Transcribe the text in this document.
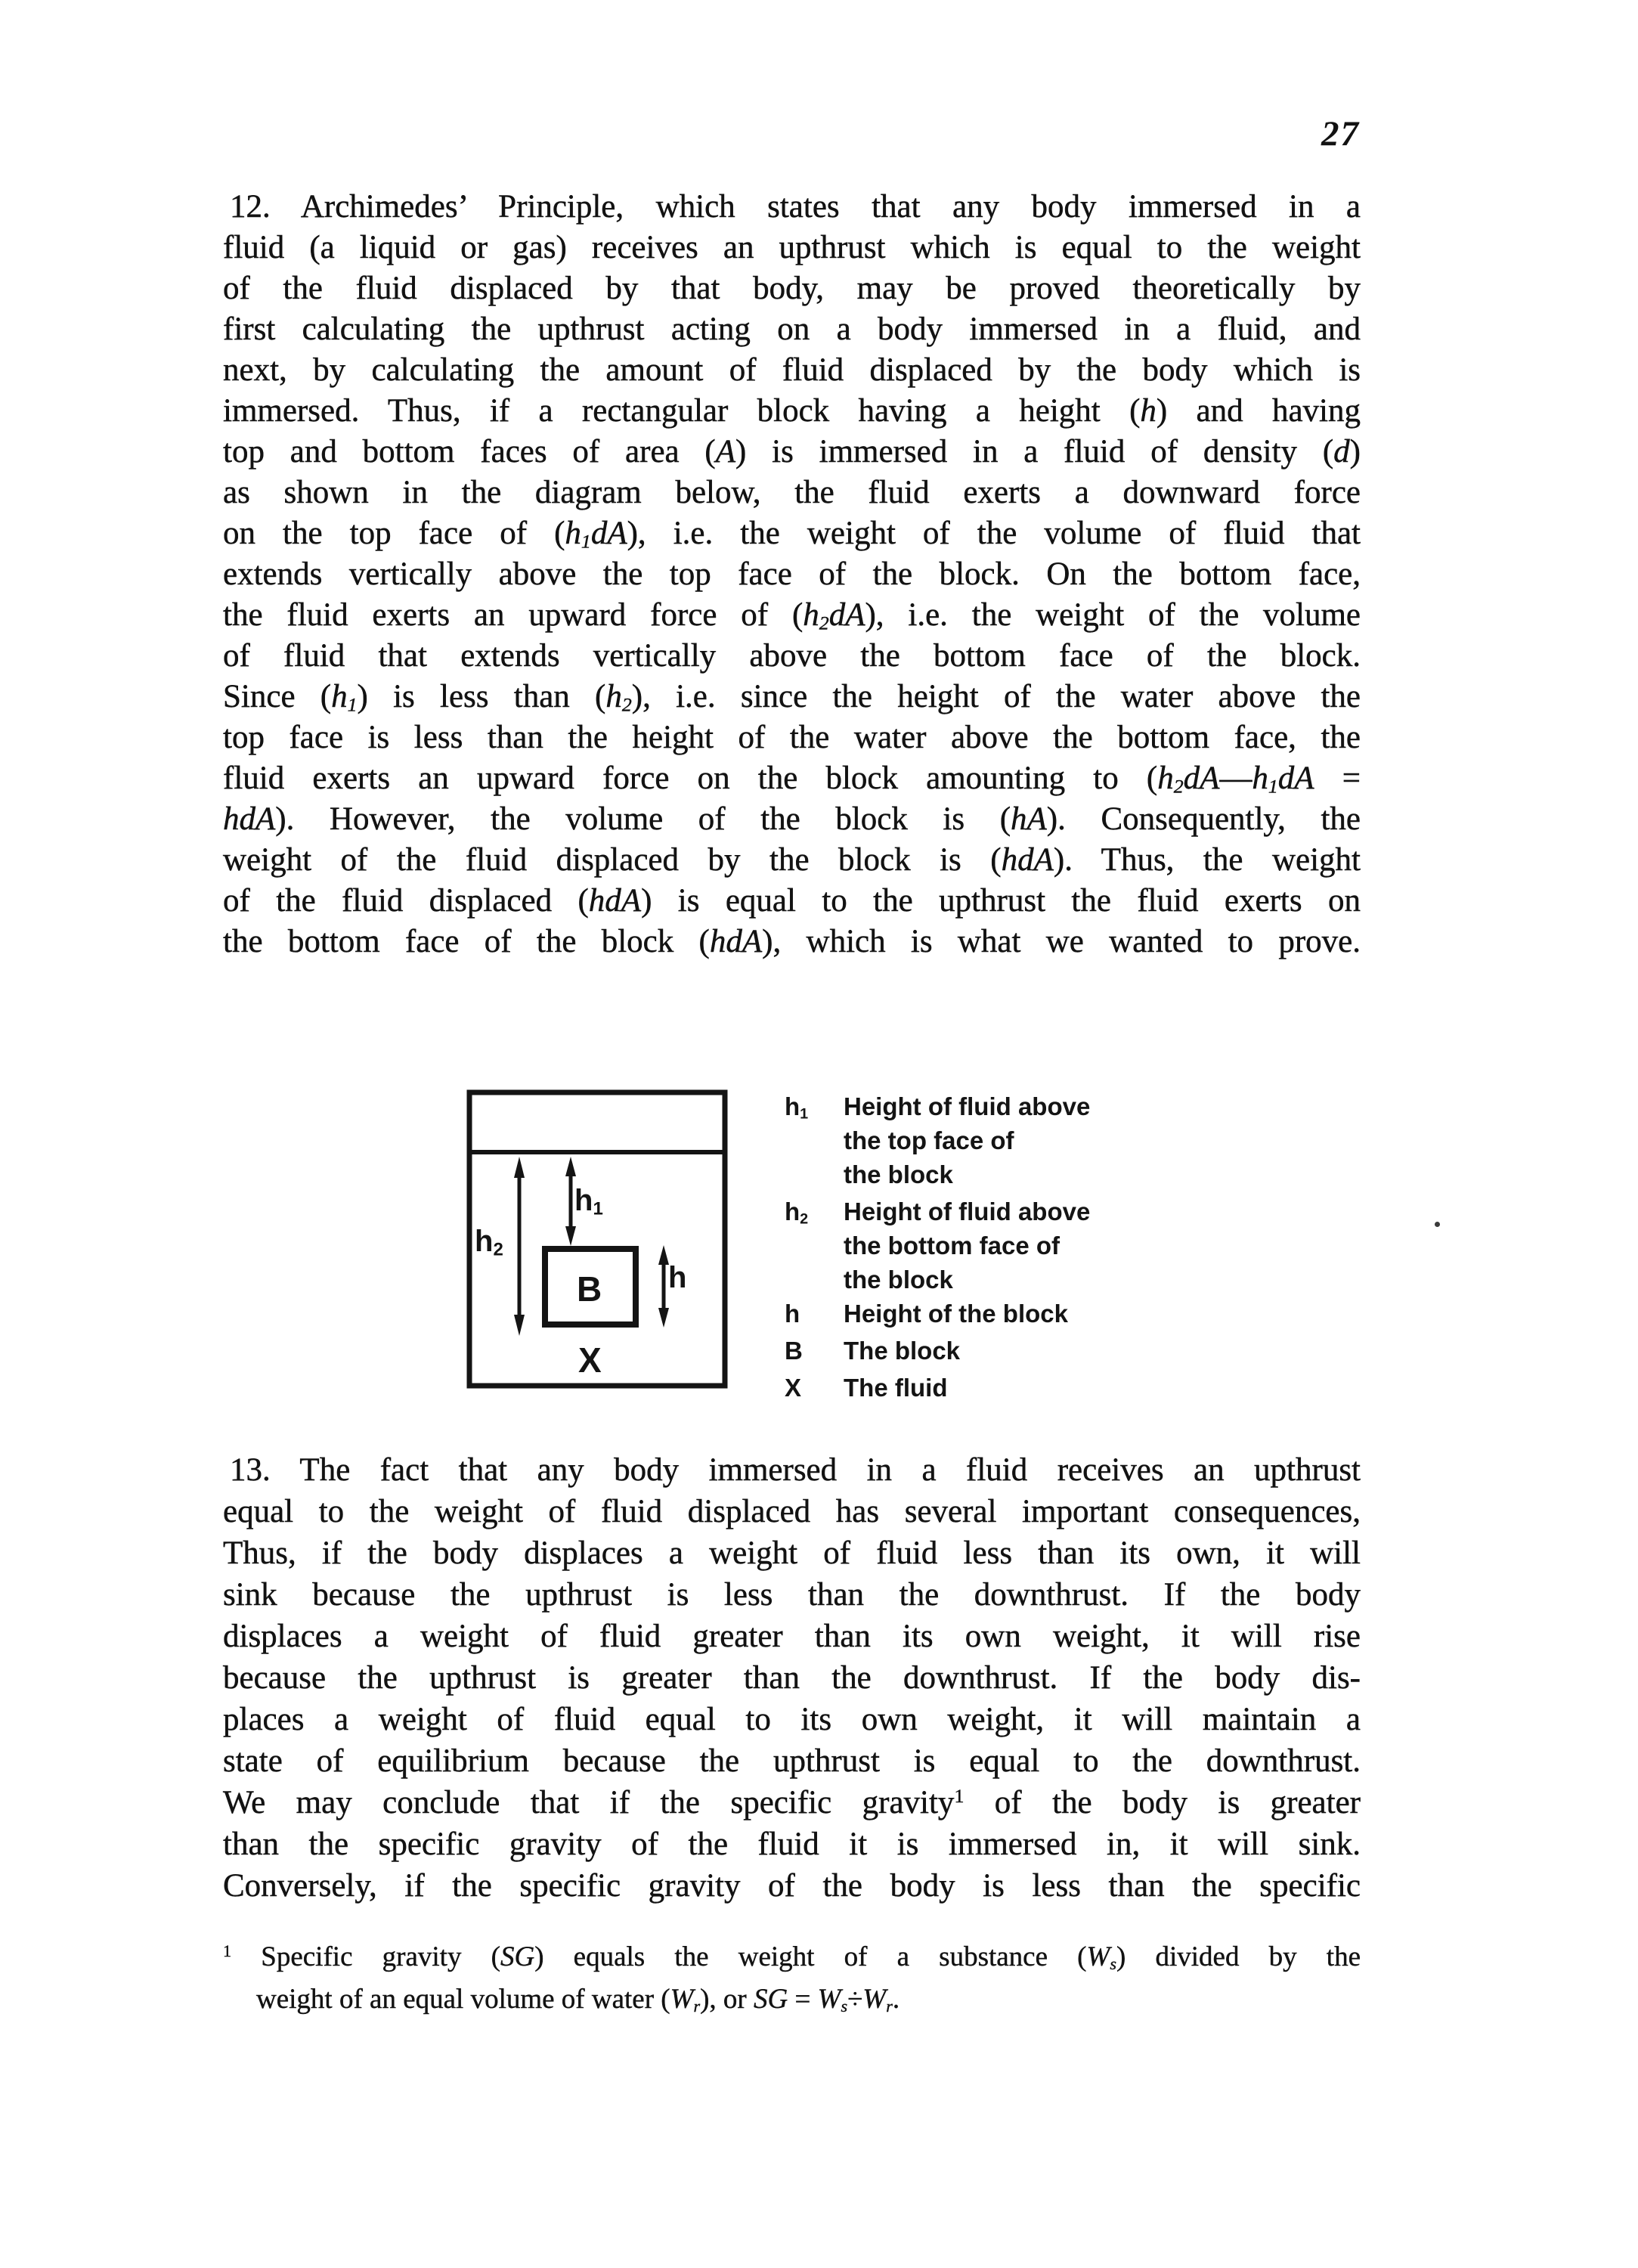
27
12. Archimedes’ Principle, which states that any body immersed in a
fluid (a liquid or gas) receives an upthrust which is equal to the weight
of the fluid displaced by that body, may be proved theoretically by
first calculating the upthrust acting on a body immersed in a fluid, and
next, by calculating the amount of fluid displaced by the body which is
immersed. Thus, if a rectangular block having a height (h) and having
top and bottom faces of area (A) is immersed in a fluid of density (d)
as shown in the diagram below, the fluid exerts a downward force
on the top face of $(h_1dA)$, i.e. the weight of the volume of fluid that
extends vertically above the top face of the block. On the bottom face,
the fluid exerts an upward force of $(h_2dA)$, i.e. the weight of the volume
of fluid that extends vertically above the bottom face of the block.
Since $(h_1)$ is less than $(h_2)$, i.e. since the height of the water above the
top face is less than the height of the water above the bottom face, the
fluid exerts an upward force on the block amounting to ($h_2dA—h_1dA$ =
hdA). However, the volume of the block is (hA). Consequently, the
weight of the fluid displaced by the block is (hdA). Thus, the weight
of the fluid displaced (hdA) is equal to the upthrust the fluid exerts on
the bottom face of the block (hdA), which is what we wanted to prove.
$h_2$
$h_1$
h
B
X
$h_1$	Height of fluid above
the top face of
the block
$h_2$	Height of fluid above
the bottom face of
the block
h	Height of the block
B	The block
X	The fluid
13. The fact that any body immersed in a fluid receives an upthrust
equal to the weight of fluid displaced has several important consequences,
Thus, if the body displaces a weight of fluid less than its own, it will
sink because the upthrust is less than the downthrust. If the body
displaces a weight of fluid greater than its own weight, it will rise
because the upthrust is greater than the downthrust. If the body dis-
places a weight of fluid equal to its own weight, it will maintain a
state of equilibrium because the upthrust is equal to the downthrust.
We may conclude that if the specific gravity$^1$ of the body is greater
than the specific gravity of the fluid it is immersed in, it will sink.
Conversely, if the specific gravity of the body is less than the specific
$^1$ Specific gravity (SG) equals the weight of a substance $(W_s)$ divided by the
weight of an equal volume of water $(W_r)$, or SG = $W_s\div W_r$.
